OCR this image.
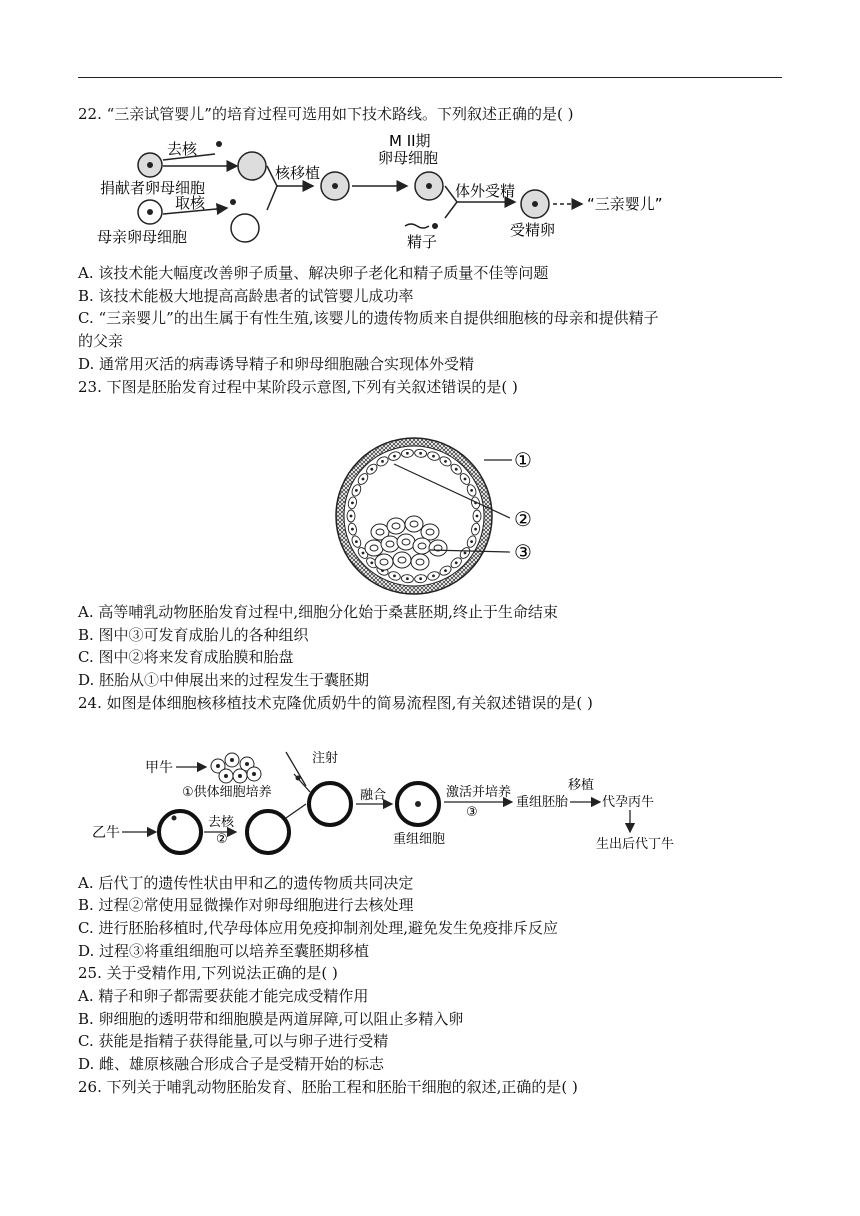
22. “三亲试管婴儿”的培育过程可选用如下技术路线。下列叙述正确的是( )
去核
捐献者卵母细胞
取核
母亲卵母细胞
核移植
M II期
卵母细胞
体外受精
精子
受精卵
“三亲婴儿”
A. 该技术能大幅度改善卵子质量、解决卵子老化和精子质量不佳等问题
B. 该技术能极大地提高高龄患者的试管婴儿成功率
C. “三亲婴儿”的出生属于有性生殖,该婴儿的遗传物质来自提供细胞核的母亲和提供精子
的父亲
D. 通常用灭活的病毒诱导精子和卵母细胞融合实现体外受精
23. 下图是胚胎发育过程中某阶段示意图,下列有关叙述错误的是( )
①
②
③
A. 高等哺乳动物胚胎发育过程中,细胞分化始于桑葚胚期,终止于生命结束
B. 图中③可发育成胎儿的各种组织
C. 图中②将来发育成胎膜和胎盘
D. 胚胎从①中伸展出来的过程发生于囊胚期
24. 如图是体细胞核移植技术克隆优质奶牛的简易流程图,有关叙述错误的是( )
甲牛
①供体细胞培养
注射
乙牛
去核
②
融合
重组细胞
激活并培养
③
重组胚胎
移植
代孕丙牛
生出后代丁牛
A. 后代丁的遗传性状由甲和乙的遗传物质共同决定
B. 过程②常使用显微操作对卵母细胞进行去核处理
C. 进行胚胎移植时,代孕母体应用免疫抑制剂处理,避免发生免疫排斥反应
D. 过程③将重组细胞可以培养至囊胚期移植
25. 关于受精作用,下列说法正确的是( )
A. 精子和卵子都需要获能才能完成受精作用
B. 卵细胞的透明带和细胞膜是两道屏障,可以阻止多精入卵
C. 获能是指精子获得能量,可以与卵子进行受精
D. 雌、雄原核融合形成合子是受精开始的标志
26. 下列关于哺乳动物胚胎发育、胚胎工程和胚胎干细胞的叙述,正确的是( )
